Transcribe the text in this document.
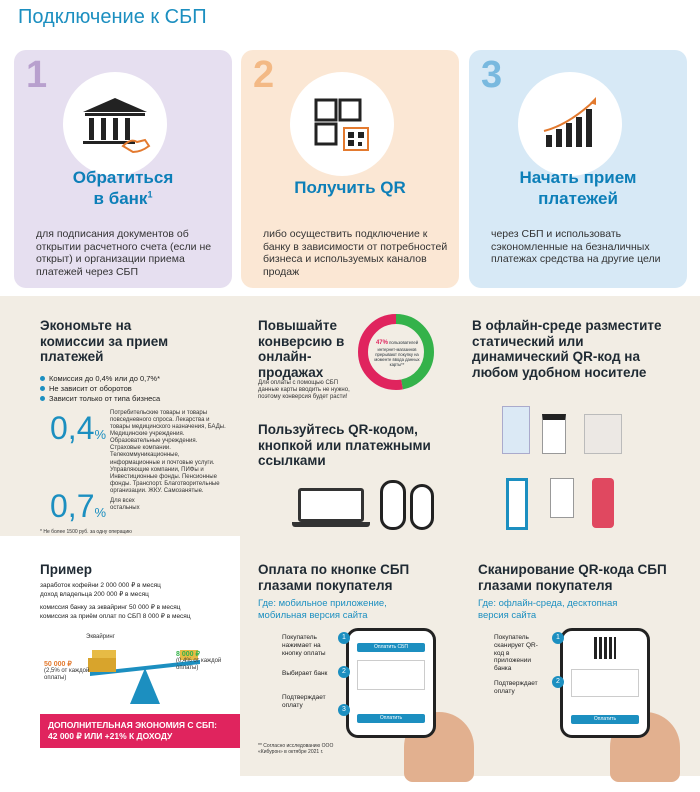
Подключение к СБП
1
Обратиться
в банк$^1$
для подписания документов об открытии расчетного счета (если не открыт) и организации приема платежей через СБП
2
Получить QR
либо осуществить подключение к банку в зависимости от потребностей бизнеса и используемых каналов продаж
3
Начать прием
платежей
через СБП и использовать сэкономленные на безналичных платежах средства на другие цели
Экономьте на комиссии за прием платежей
Комиссия до 0,4% или до 0,7%*
Не зависит от оборотов
Зависит только от типа бизнеса
0,4%
Потребительские товары и товары повседневного спроса. Лекарства и товары медицинского назначения, БАДы. Медицинские учреждения. Образовательные учреждения. Страховые компании. Телекоммуникационные, информационные и почтовые услуги. Управляющие компании, ПИФы и Инвестиционные фонды. Пенсионные фонды. Транспорт. Благотворительные организации. ЖКУ. Самозанятые.
0,7%
Для всех остальных
* Не более 1500 руб. за одну операцию
Повышайте конверсию в онлайн-продажах
Для оплаты с помощью СБП данные карты вводить не нужно, поэтому конверсия будет расти!
47% пользователей интернет-магазинов прерывают покупку на моменте ввода данных карты**
Пользуйтесь QR-кодом, кнопкой или платежными ссылками
В офлайн-среде разместите статический или динамический QR-код на любом удобном носителе
Пример
заработок кофейни 2 000 000 ₽ в месяц
доход владельца 200 000 ₽ в месяц
комиссия банку за эквайринг 50 000 ₽ в месяц
комиссия за приём оплат по СБП 8 000 ₽ в месяц
Эквайринг
50 000 ₽
(2,5% от каждой оплаты)
8 000 ₽
(0,4% от каждой оплаты)
ДОПОЛНИТЕЛЬНАЯ ЭКОНОМИЯ С СБП:
42 000 ₽ ИЛИ +21% К ДОХОДУ
Оплата по кнопке СБП глазами покупателя
Где: мобильное приложение, мобильная версия сайта
Покупатель нажимает на кнопку оплаты
Выбирает банк
Подтверждает оплату
Оплатить СБП
Оплатить
1
2
3
** Согласно исследованию ООО «Кибурон» в октябре 2021 г.
Сканирование QR-кода СБП глазами покупателя
Где: офлайн-среда, десктопная версия сайта
Покупатель сканирует QR-код в приложении банка
Подтверждает оплату
Оплатить
1
2
